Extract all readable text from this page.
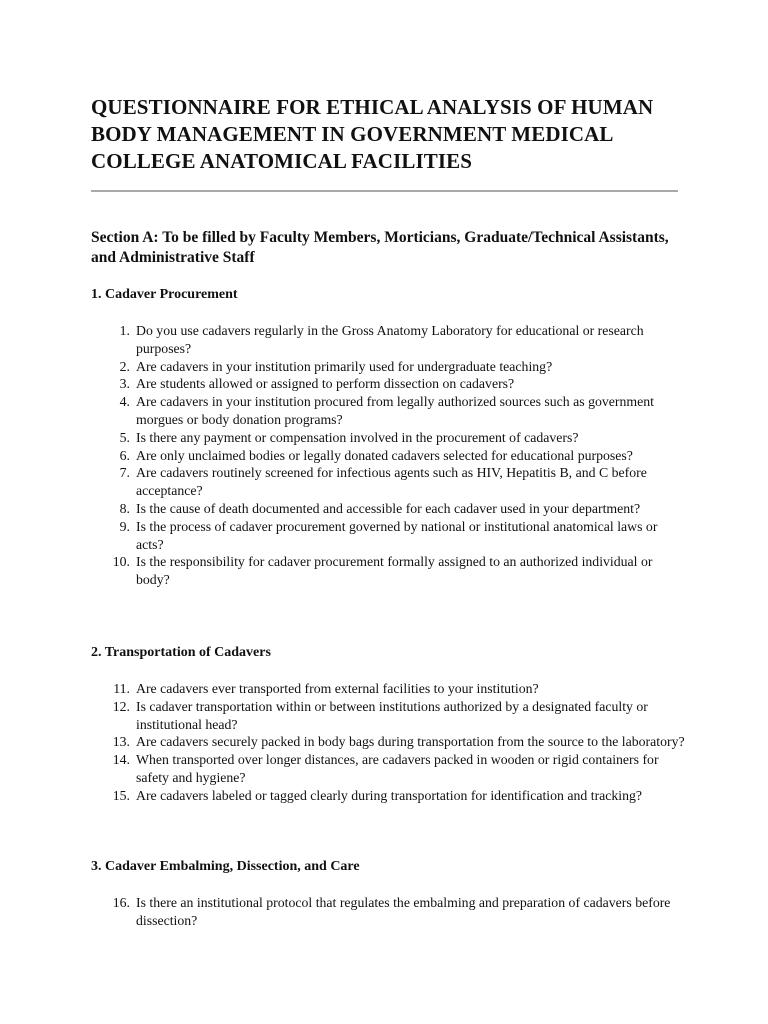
QUESTIONNAIRE FOR ETHICAL ANALYSIS OF HUMAN BODY MANAGEMENT IN GOVERNMENT MEDICAL COLLEGE ANATOMICAL FACILITIES
Section A: To be filled by Faculty Members, Morticians, Graduate/Technical Assistants, and Administrative Staff
1. Cadaver Procurement
1. Do you use cadavers regularly in the Gross Anatomy Laboratory for educational or research purposes?
2. Are cadavers in your institution primarily used for undergraduate teaching?
3. Are students allowed or assigned to perform dissection on cadavers?
4. Are cadavers in your institution procured from legally authorized sources such as government morgues or body donation programs?
5. Is there any payment or compensation involved in the procurement of cadavers?
6. Are only unclaimed bodies or legally donated cadavers selected for educational purposes?
7. Are cadavers routinely screened for infectious agents such as HIV, Hepatitis B, and C before acceptance?
8. Is the cause of death documented and accessible for each cadaver used in your department?
9. Is the process of cadaver procurement governed by national or institutional anatomical laws or acts?
10. Is the responsibility for cadaver procurement formally assigned to an authorized individual or body?
2. Transportation of Cadavers
11. Are cadavers ever transported from external facilities to your institution?
12. Is cadaver transportation within or between institutions authorized by a designated faculty or institutional head?
13. Are cadavers securely packed in body bags during transportation from the source to the laboratory?
14. When transported over longer distances, are cadavers packed in wooden or rigid containers for safety and hygiene?
15. Are cadavers labeled or tagged clearly during transportation for identification and tracking?
3. Cadaver Embalming, Dissection, and Care
16. Is there an institutional protocol that regulates the embalming and preparation of cadavers before dissection?
